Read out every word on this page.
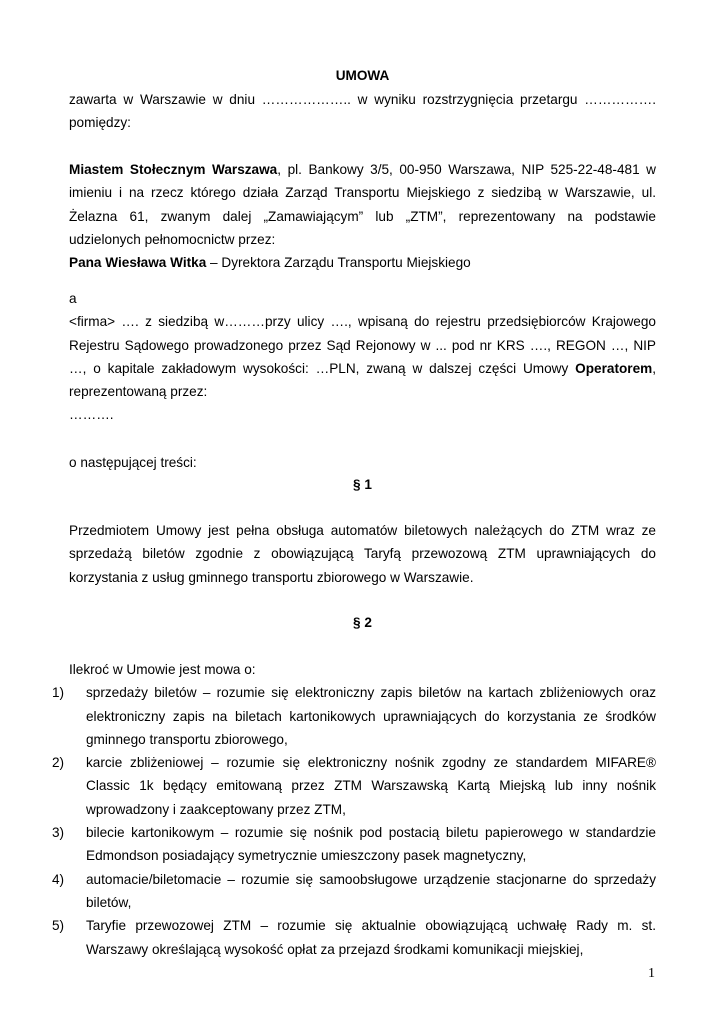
UMOWA

zawarta w Warszawie w dniu ……………….. w wyniku rozstrzygnięcia przetargu …………….

pomiędzy:

Miastem Stołecznym Warszawa, pl. Bankowy 3/5, 00-950 Warszawa, NIP 525-22-48-481 w imieniu i na rzecz którego działa Zarząd Transportu Miejskiego z siedzibą w Warszawie, ul. Żelazna 61, zwanym dalej „Zamawiającym” lub „ZTM”, reprezentowany na podstawie udzielonych pełnomocnictw przez:

Pana Wiesława Witka – Dyrektora Zarządu Transportu Miejskiego

a

<firma> …. z siedzibą w………przy ulicy …., wpisaną do rejestru przedsiębiorców Krajowego Rejestru Sądowego prowadzonego przez Sąd Rejonowy w ... pod nr KRS …., REGON …, NIP …, o kapitale zakładowym wysokości: …PLN, zwaną w dalszej części Umowy Operatorem, reprezentowaną przez:

……….

o następującej treści:
§ 1
Przedmiotem Umowy jest pełna obsługa automatów biletowych należących do ZTM wraz ze sprzedażą biletów zgodnie z obowiązującą Taryfą przewozową ZTM uprawniających do korzystania z usług gminnego transportu zbiorowego w Warszawie.
§ 2

Ilekroć w Umowie jest mowa o:

1)	sprzedaży biletów – rozumie się elektroniczny zapis biletów na kartach zbliżeniowych oraz elektroniczny zapis na biletach kartonikowych uprawniających do korzystania ze środków gminnego transportu zbiorowego,
2)	karcie zbliżeniowej – rozumie się elektroniczny nośnik zgodny ze standardem MIFARE® Classic 1k będący emitowaną przez ZTM Warszawską Kartą Miejską lub inny nośnik wprowadzony i zaakceptowany przez ZTM,
3)	bilecie kartonikowym – rozumie się nośnik pod postacią biletu papierowego w standardzie Edmondson posiadający symetrycznie umieszczony pasek magnetyczny,
4)	automacie/biletomacie – rozumie się samoobsługowe urządzenie stacjonarne do sprzedaży biletów,
5)	Taryfie przewozowej ZTM – rozumie się aktualnie obowiązującą uchwałę Rady m. st. Warszawy określającą wysokość opłat za przejazd środkami komunikacji miejskiej,
1
